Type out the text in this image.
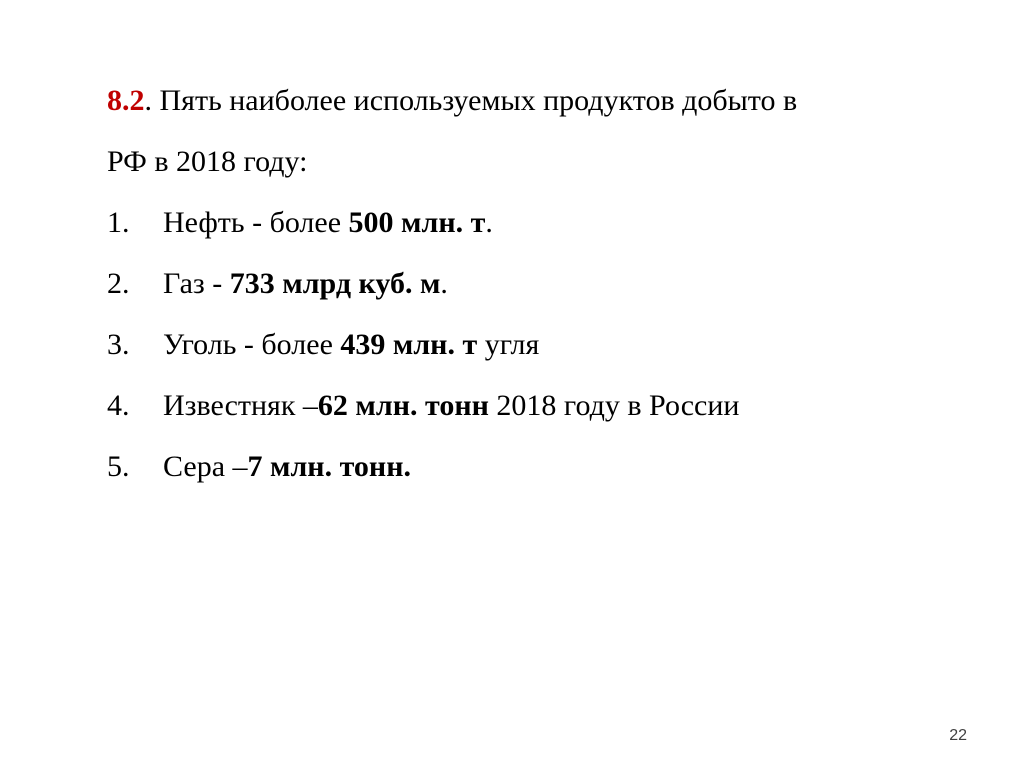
8.2. Пять наиболее используемых продуктов добыто в
РФ в 2018 году:
1. Нефть - более 500 млн. т.
2. Газ - 733 млрд куб. м.
3. Уголь - более 439 млн. т угля
4. Известняк –62 млн. тонн 2018 году в России
5. Сера –7 млн. тонн.
22
